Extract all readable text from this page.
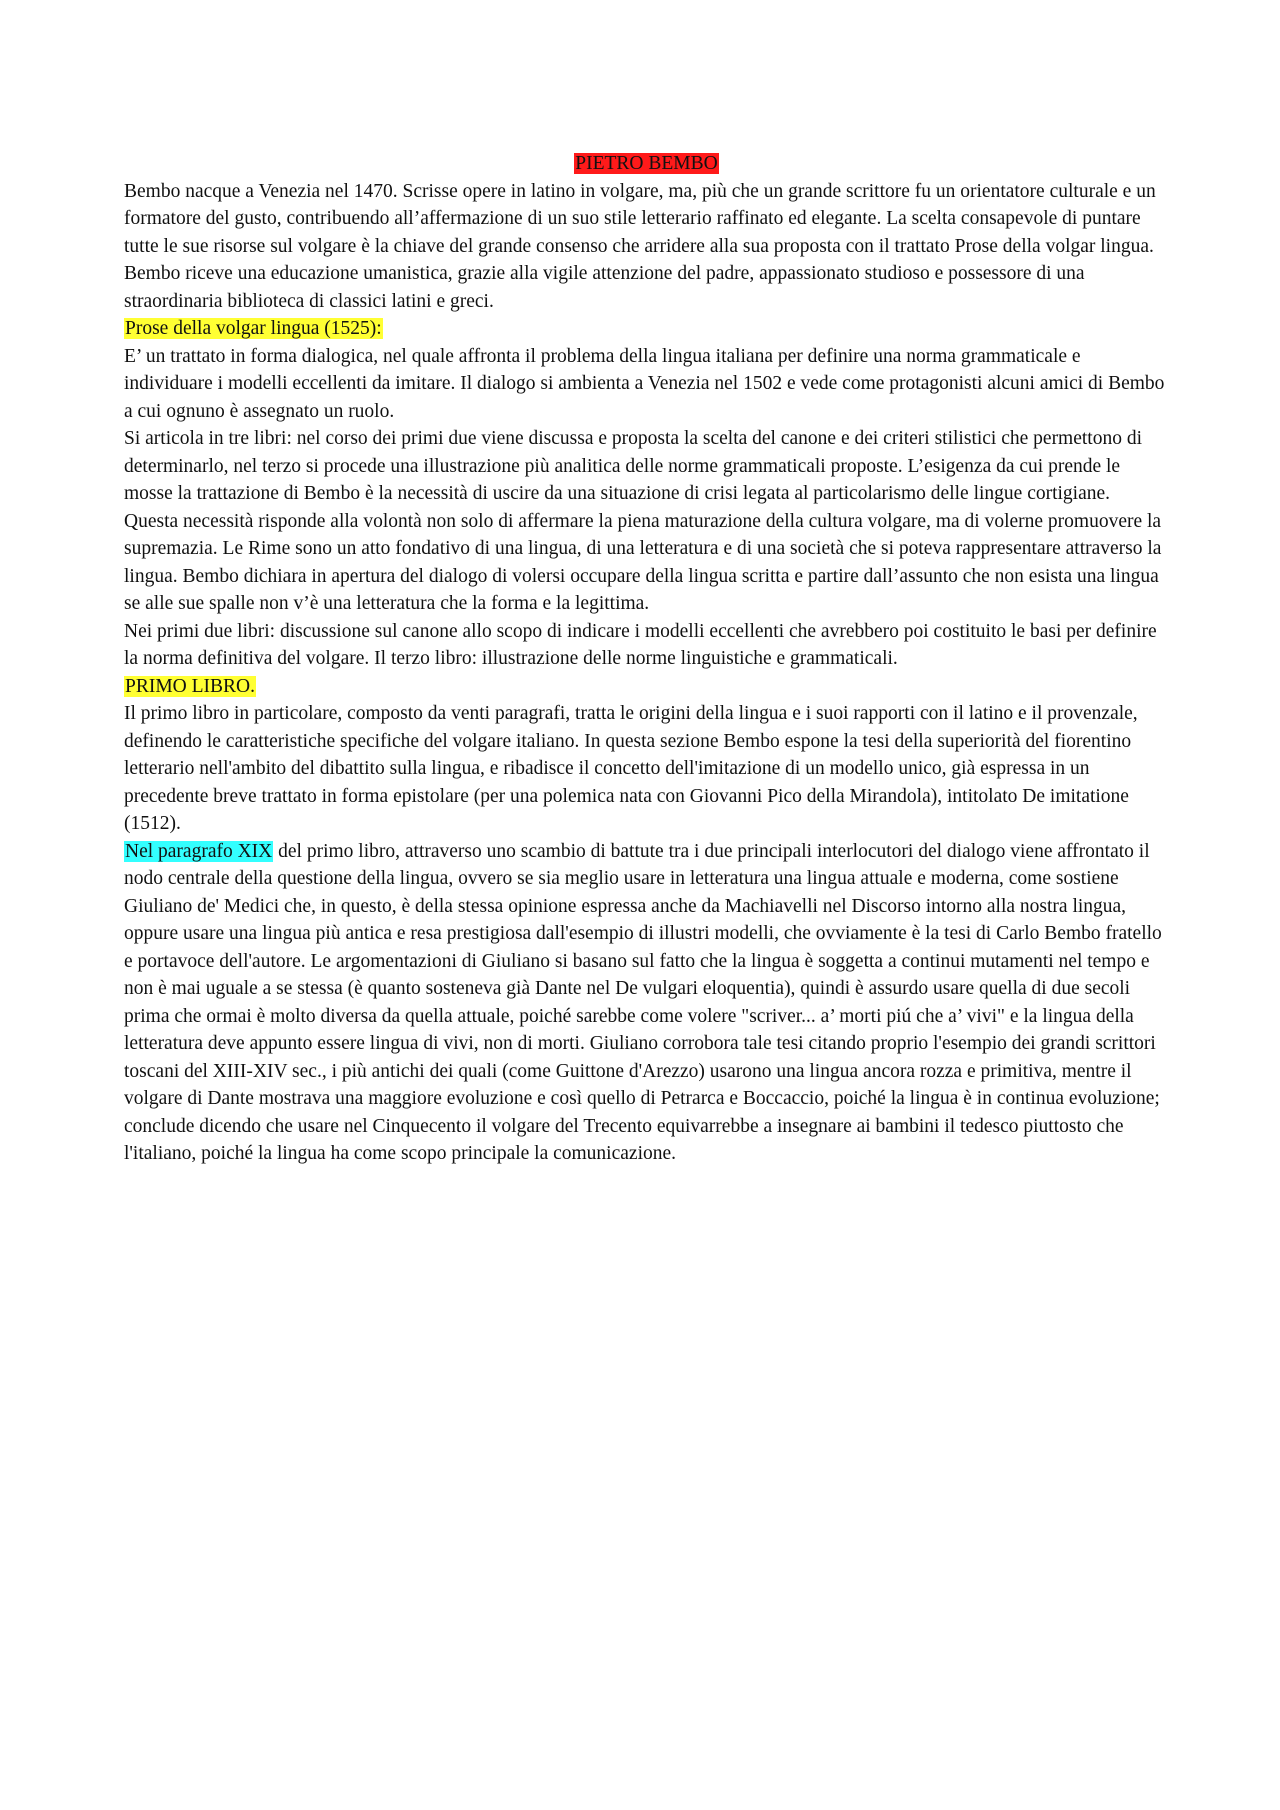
PIETRO BEMBO

Bembo nacque a Venezia nel 1470. Scrisse opere in latino in volgare, ma, più che un grande scrittore fu un orientatore culturale e un formatore del gusto, contribuendo all’affermazione di un suo stile letterario raffinato ed elegante. La scelta consapevole di puntare tutte le sue risorse sul volgare è la chiave del grande consenso che arridere alla sua proposta con il trattato Prose della volgar lingua.

Bembo riceve una educazione umanistica, grazie alla vigile attenzione del padre, appassionato studioso e possessore di una straordinaria biblioteca di classici latini e greci.

Prose della volgar lingua (1525):

E’ un trattato in forma dialogica, nel quale affronta il problema della lingua italiana per definire una norma grammaticale e individuare i modelli eccellenti da imitare. Il dialogo si ambienta a Venezia nel 1502 e vede come protagonisti alcuni amici di Bembo a cui ognuno è assegnato un ruolo.

Si articola in tre libri: nel corso dei primi due viene discussa e proposta la scelta del canone e dei criteri stilistici che permettono di determinarlo, nel terzo si procede una illustrazione più analitica delle norme grammaticali proposte. L’esigenza da cui prende le mosse la trattazione di Bembo è la necessità di uscire da una situazione di crisi legata al particolarismo delle lingue cortigiane. Questa necessità risponde alla volontà non solo di affermare la piena maturazione della cultura volgare, ma di volerne promuovere la supremazia. Le Rime sono un atto fondativo di una lingua, di una letteratura e di una società che si poteva rappresentare attraverso la lingua. Bembo dichiara in apertura del dialogo di volersi occupare della lingua scritta e partire dall’assunto che non esista una lingua se alle sue spalle non v’è una letteratura che la forma e la legittima.

Nei primi due libri: discussione sul canone allo scopo di indicare i modelli eccellenti che avrebbero poi costituito le basi per definire la norma definitiva del volgare. Il terzo libro: illustrazione delle norme linguistiche e grammaticali.

PRIMO LIBRO.

Il primo libro in particolare, composto da venti paragrafi, tratta le origini della lingua e i suoi rapporti con il latino e il provenzale, definendo le caratteristiche specifiche del volgare italiano. In questa sezione Bembo espone la tesi della superiorità del fiorentino letterario nell'ambito del dibattito sulla lingua, e ribadisce il concetto dell'imitazione di un modello unico, già espressa in un precedente breve trattato in forma epistolare (per una polemica nata con Giovanni Pico della Mirandola), intitolato De imitatione (1512).

Nel paragrafo XIX del primo libro, attraverso uno scambio di battute tra i due principali interlocutori del dialogo viene affrontato il nodo centrale della questione della lingua, ovvero se sia meglio usare in letteratura una lingua attuale e moderna, come sostiene Giuliano de' Medici che, in questo, è della stessa opinione espressa anche da Machiavelli nel Discorso intorno alla nostra lingua, oppure usare una lingua più antica e resa prestigiosa dall'esempio di illustri modelli, che ovviamente è la tesi di Carlo Bembo fratello e portavoce dell'autore. Le argomentazioni di Giuliano si basano sul fatto che la lingua è soggetta a continui mutamenti nel tempo e non è mai uguale a se stessa (è quanto sosteneva già Dante nel De vulgari eloquentia), quindi è assurdo usare quella di due secoli prima che ormai è molto diversa da quella attuale, poiché sarebbe come volere "scriver... a’ morti piú che a’ vivi" e la lingua della letteratura deve appunto essere lingua di vivi, non di morti. Giuliano corrobora tale tesi citando proprio l'esempio dei grandi scrittori toscani del XIII-XIV sec., i più antichi dei quali (come Guittone d'Arezzo) usarono una lingua ancora rozza e primitiva, mentre il volgare di Dante mostrava una maggiore evoluzione e così quello di Petrarca e Boccaccio, poiché la lingua è in continua evoluzione; conclude dicendo che usare nel Cinquecento il volgare del Trecento equivarrebbe a insegnare ai bambini il tedesco piuttosto che l'italiano, poiché la lingua ha come scopo principale la comunicazione.
